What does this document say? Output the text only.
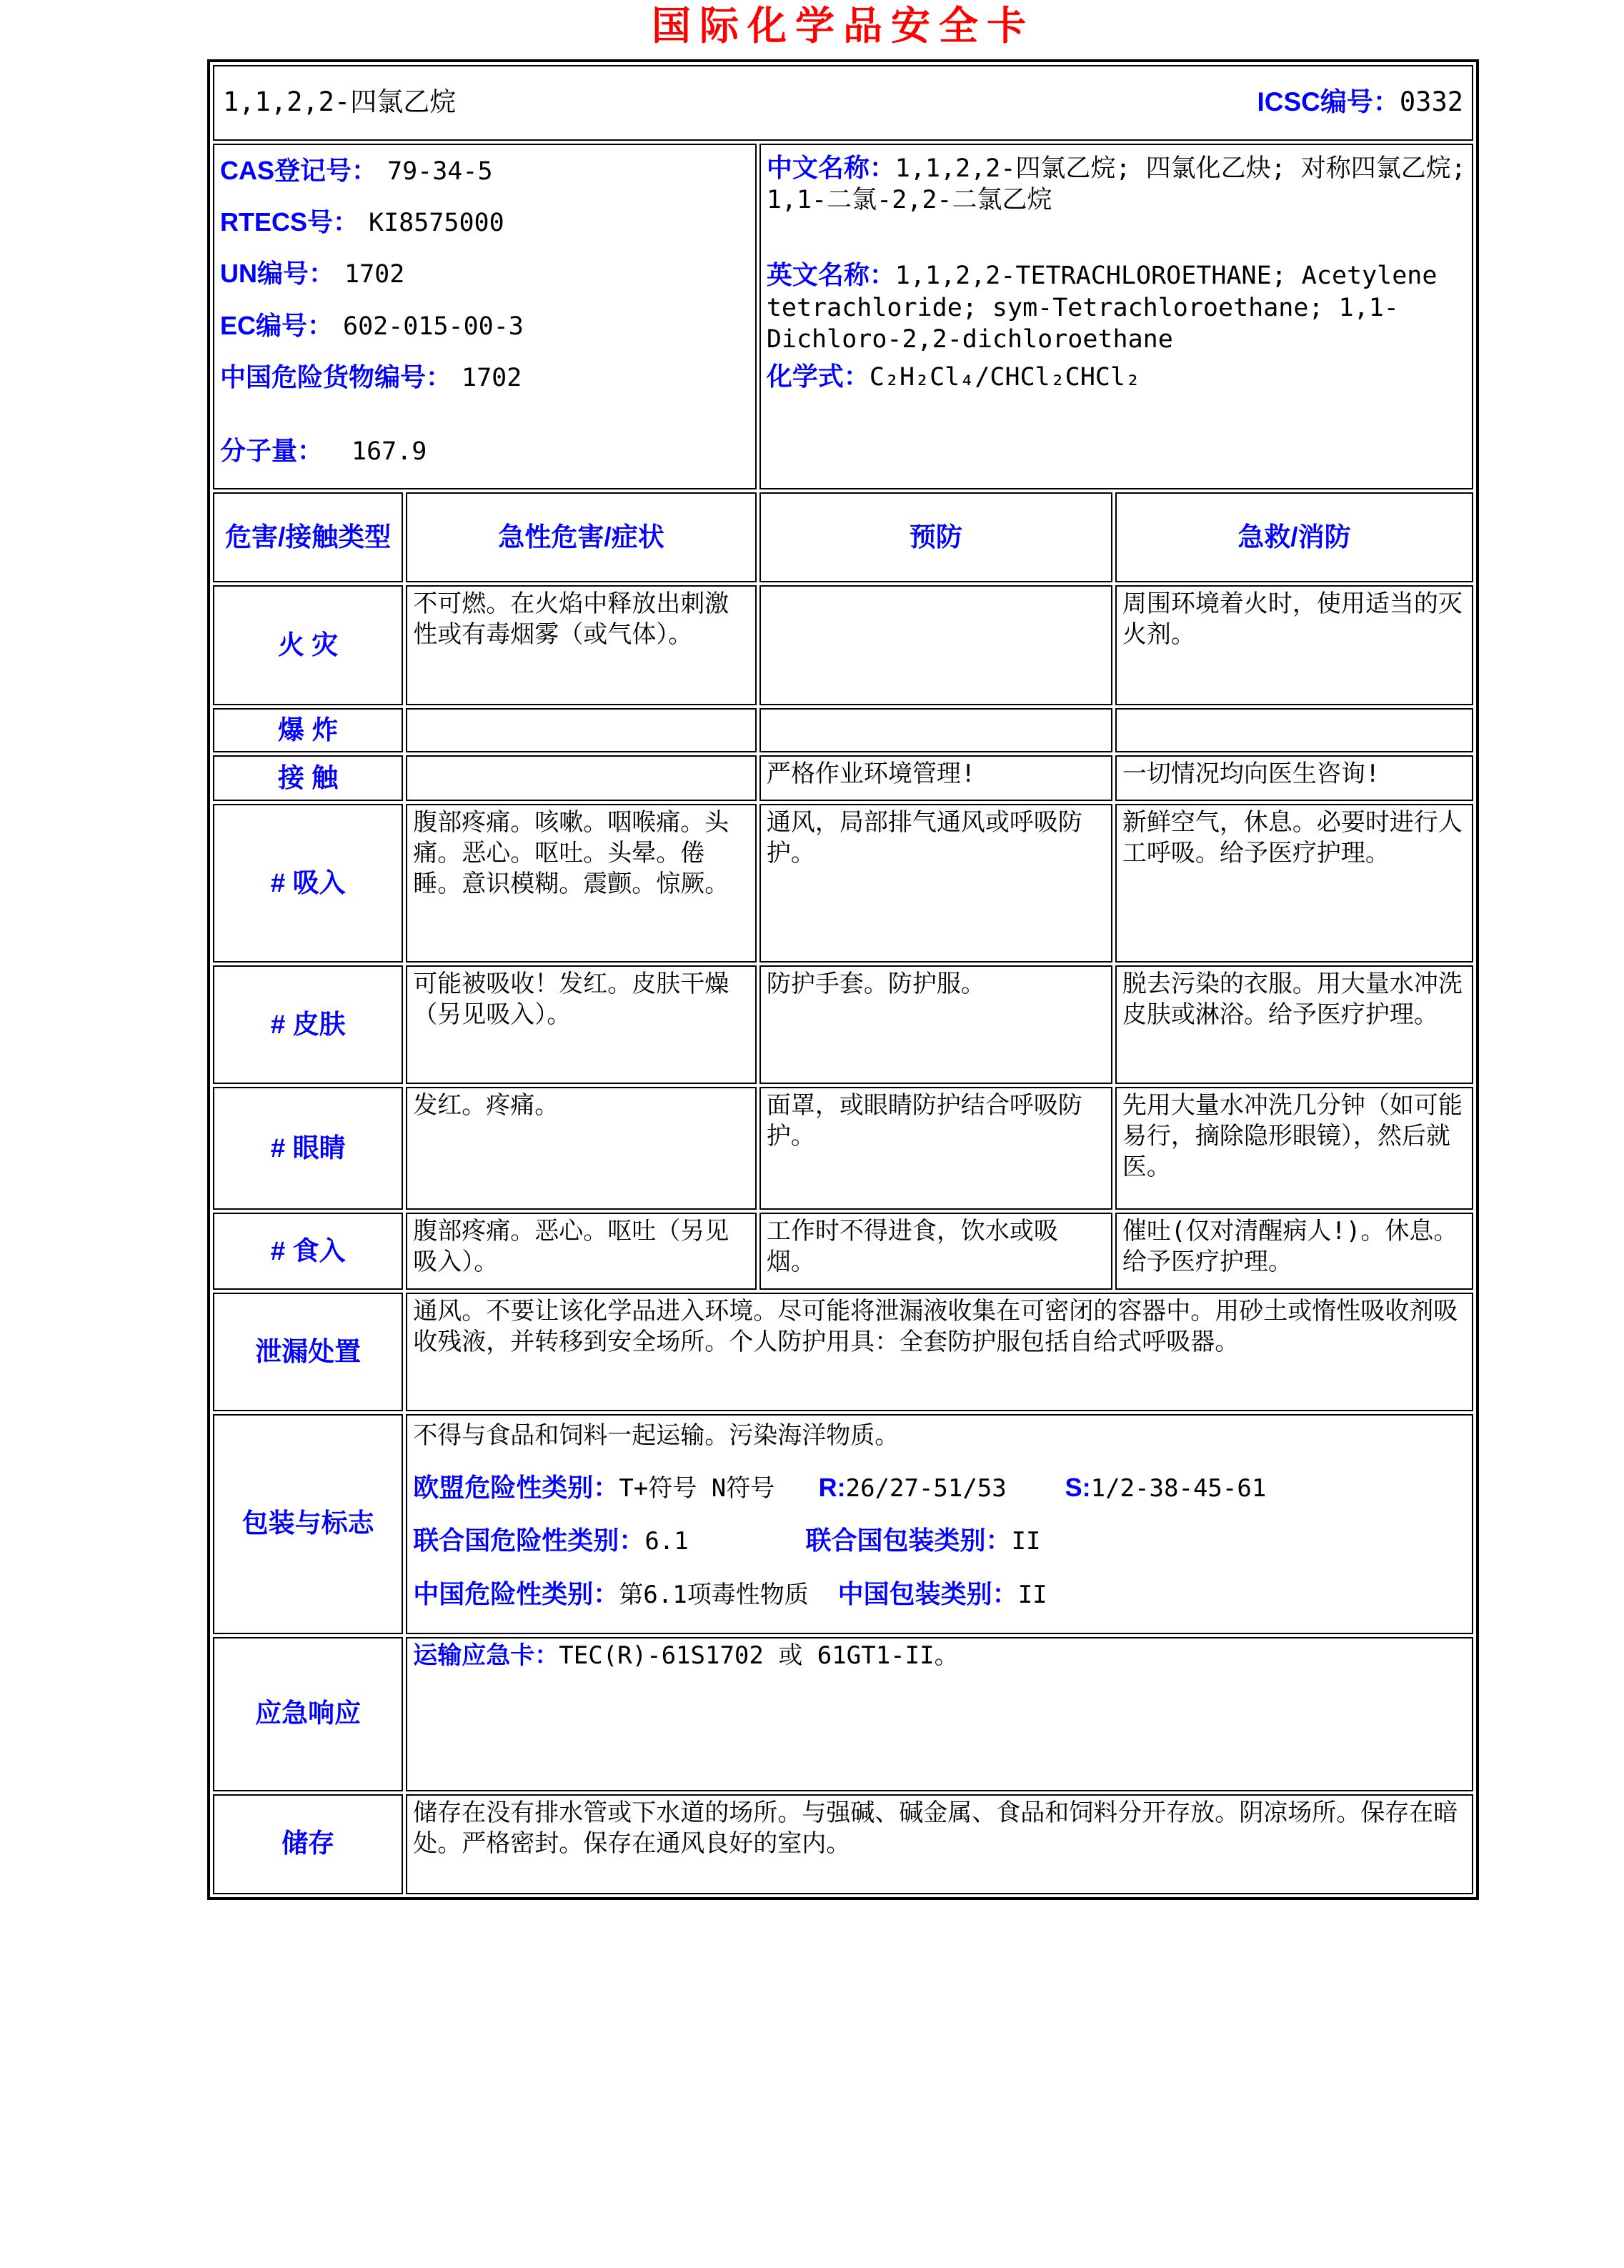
国际化学品安全卡
1,1,2,2-四氯乙烷 ICSC编号：0332			

CAS登记号： 79-34-5

RTECS号： KI8575000

UN编号： 1702

EC编号： 602-015-00-3

中国危险货物编号： 1702

分子量： 167.9

中文名称：1,1,2,2-四氯乙烷; 四氯化乙炔; 对称四氯乙烷; 1,1-二氯-2,2-二氯乙烷

英文名称：1,1,2,2-TETRACHLOROETHANE; Acetylene tetrachloride; sym-Tetrachloroethane; 1,1-Dichloro-2,2-dichloroethane

化学式：C₂H₂Cl₄/CHCl₂CHCl₂

危害/接触类型	急性危害/症状	预防	急救/消防
火 灾	不可燃。在火焰中释放出刺激性或有毒烟雾（或气体）。		周围环境着火时，使用适当的灭火剂。
爆 炸			
接 触		严格作业环境管理!	一切情况均向医生咨询!
# 吸入	腹部疼痛。咳嗽。咽喉痛。头痛。恶心。呕吐。头晕。倦睡。意识模糊。震颤。惊厥。	通风，局部排气通风或呼吸防护。	新鲜空气，休息。必要时进行人工呼吸。给予医疗护理。
# 皮肤	可能被吸收！发红。皮肤干燥（另见吸入）。	防护手套。防护服。	脱去污染的衣服。用大量水冲洗皮肤或淋浴。给予医疗护理。
# 眼睛	发红。疼痛。	面罩，或眼睛防护结合呼吸防护。	先用大量水冲洗几分钟（如可能易行，摘除隐形眼镜），然后就医。
# 食入	腹部疼痛。恶心。呕吐（另见吸入）。	工作时不得进食，饮水或吸烟。	催吐(仅对清醒病人!)。休息。给予医疗护理。
泄漏处置	通风。不要让该化学品进入环境。尽可能将泄漏液收集在可密闭的容器中。用砂土或惰性吸收剂吸收残液，并转移到安全场所。个人防护用具：全套防护服包括自给式呼吸器。		

包装与标志	不得与食品和饲料一起运输。污染海洋物质。

欧盟危险性类别：T+符号 N符号   R:26/27-51/53    S:1/2-38-45-61

联合国危险性类别：6.1        联合国包装类别：II

中国危险性类别：第6.1项毒性物质  中国包装类别：II		

应急响应	运输应急卡：TEC(R)-61S1702 或 61GT1-II。		

储存	储存在没有排水管或下水道的场所。与强碱、碱金属、食品和饲料分开存放。阴凉场所。保存在暗处。严格密封。保存在通风良好的室内。		
